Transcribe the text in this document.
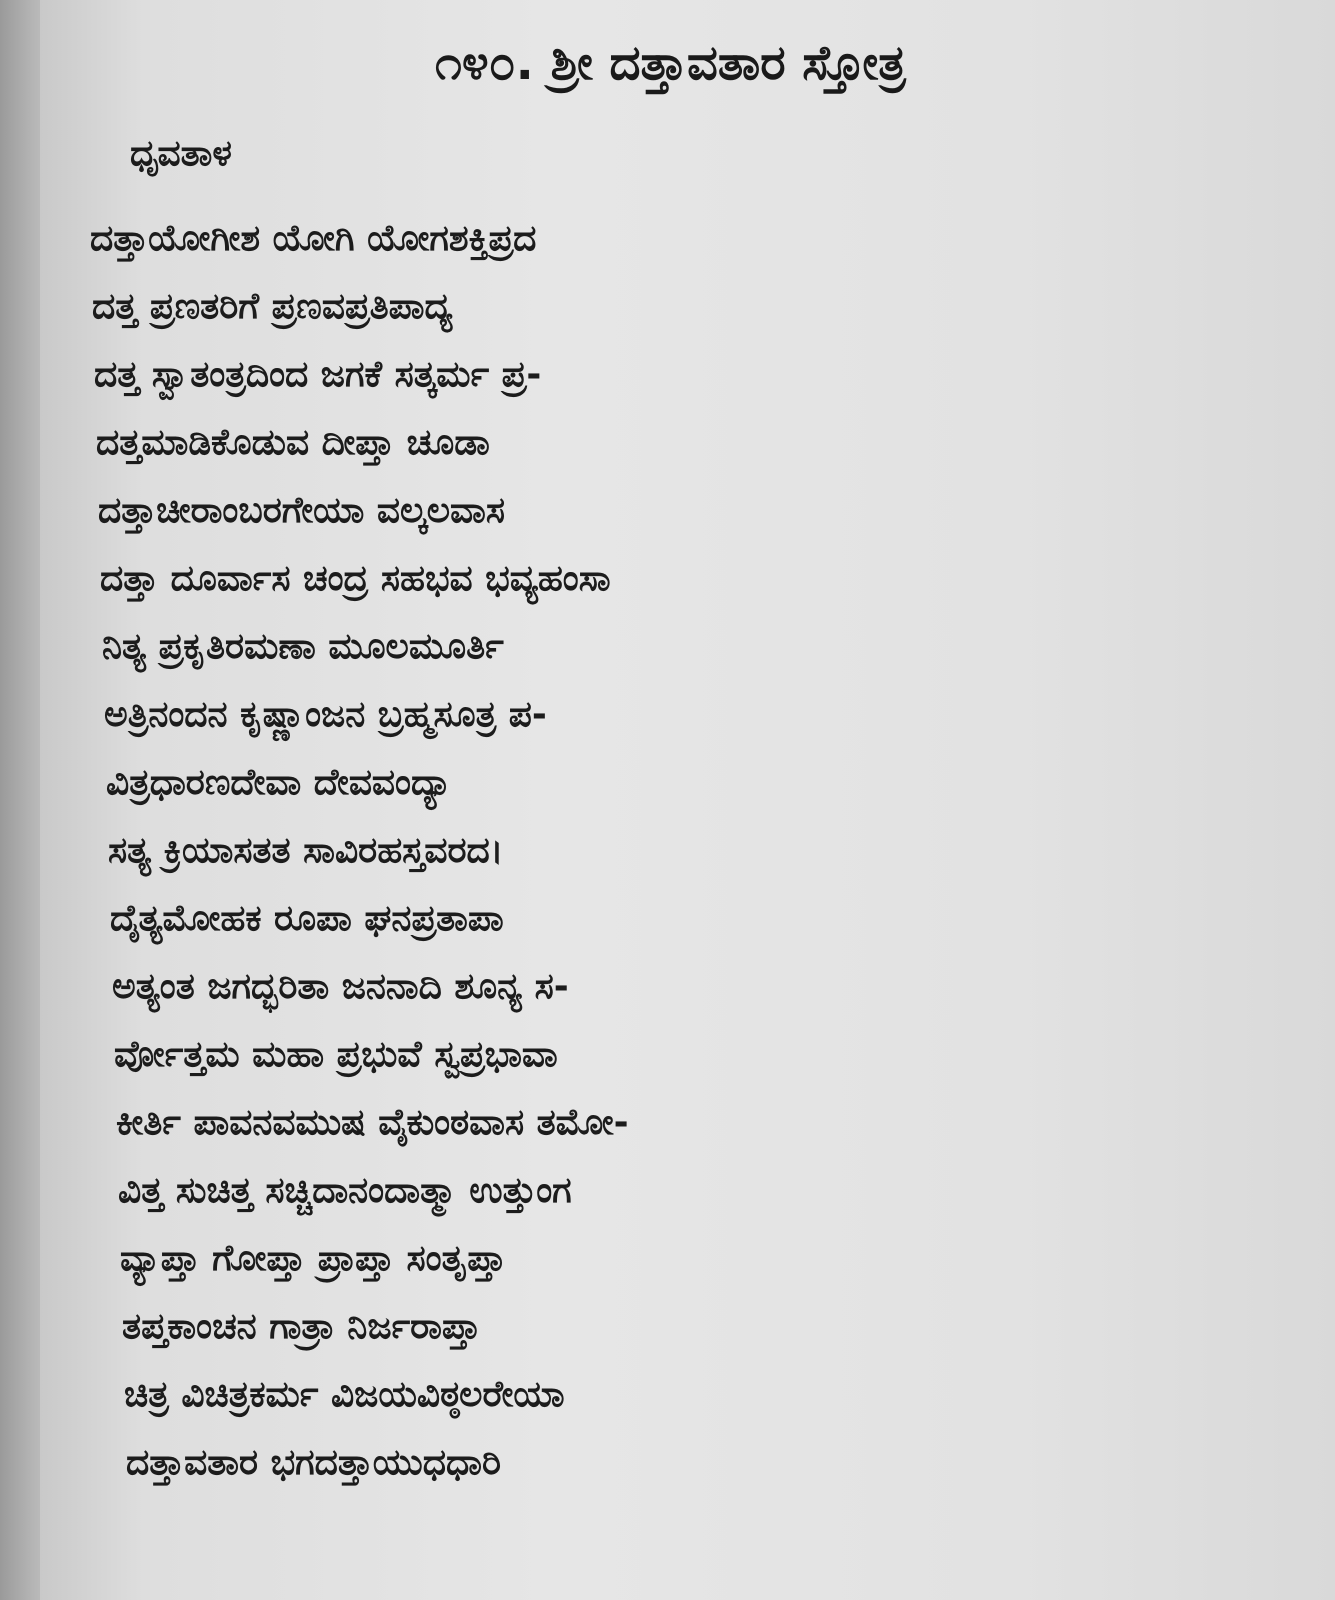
೧೪೦. ಶ್ರೀ ದತ್ತಾವತಾರ ಸ್ತೋತ್ರ
ಧೃವತಾಳ
ದತ್ತಾಯೋಗೀಶ ಯೋಗಿ ಯೋಗಶಕ್ತಿಪ್ರದ
ದತ್ತ ಪ್ರಣತರಿಗೆ ಪ್ರಣವಪ್ರತಿಪಾದ್ಯ
ದತ್ತ ಸ್ವಾತಂತ್ರದಿಂದ ಜಗಕೆ ಸತ್ಕರ್ಮ ಪ್ರ-
ದತ್ತಮಾಡಿಕೊಡುವ ದೀಪ್ತಾ ಚೂಡಾ
ದತ್ತಾಚೀರಾಂಬರಗೇಯಾ ವಲ್ಕಲವಾಸ
ದತ್ತಾ ದೂರ್ವಾಸ ಚಂದ್ರ ಸಹಭವ ಭವ್ಯಹಂಸಾ
ನಿತ್ಯ ಪ್ರಕೃತಿರಮಣಾ ಮೂಲಮೂರ್ತಿ
ಅತ್ರಿನಂದನ ಕೃಷ್ಣಾಂಜನ ಬ್ರಹ್ಮಸೂತ್ರ ಪ-
ವಿತ್ರಧಾರಣದೇವಾ ದೇವವಂದ್ಯಾ
ಸತ್ಯ ಕ್ರಿಯಾಸತತ ಸಾವಿರಹಸ್ತವರದ।
ದೈತ್ಯಮೋಹಕ ರೂಪಾ ಘನಪ್ರತಾಪಾ
ಅತ್ಯಂತ ಜಗದ್ಭರಿತಾ ಜನನಾದಿ ಶೂನ್ಯ ಸ-
ರ್ವೋತ್ತಮ ಮಹಾ ಪ್ರಭುವೆ ಸ್ವಪ್ರಭಾವಾ
ಕೀರ್ತಿ ಪಾವನವಮುಷ ವೈಕುಂಠವಾಸ ತಮೋ-
ವಿತ್ತ ಸುಚಿತ್ತ ಸಚ್ಚಿದಾನಂದಾತ್ಮಾ ಉತ್ತುಂಗ
ವ್ಯಾಪ್ತಾ ಗೋಪ್ತಾ ಪ್ರಾಪ್ತಾ ಸಂತೃಪ್ತಾ
ತಪ್ತಕಾಂಚನ ಗಾತ್ರಾ ನಿರ್ಜರಾಪ್ತಾ
ಚಿತ್ರ ವಿಚಿತ್ರಕರ್ಮ ವಿಜಯವಿಠ್ಠಲರೇಯಾ
ದತ್ತಾವತಾರ ಭಗದತ್ತಾಯುಧಧಾರಿ
